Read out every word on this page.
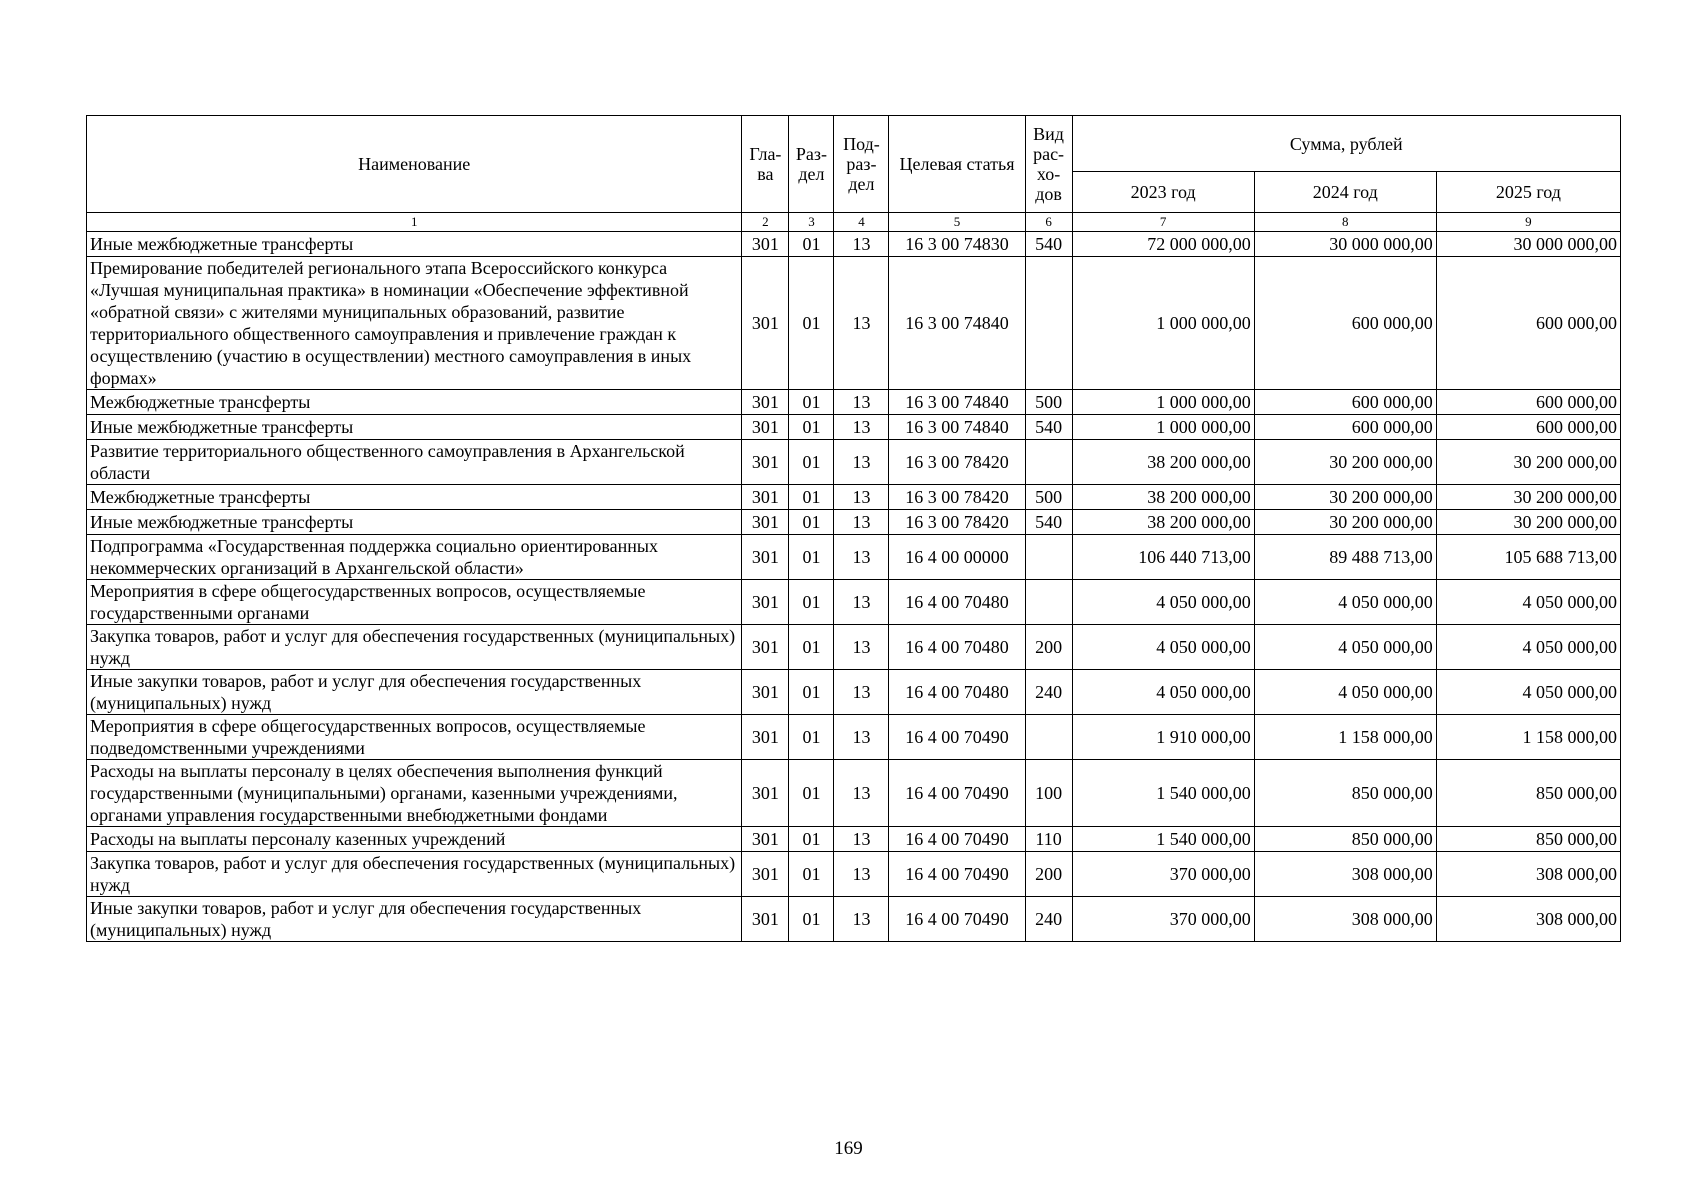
Наименование	Гла-ва	Раз-дел	Под-раз-дел	Целевая статья	Вид рас-хо-дов	Сумма, рублей		
						2023 год	2024 год	2025 год
1	2	3	4	5	6	7	8	9
Иные межбюджетные трансферты	301	01	13	16 3 00 74830	540	72 000 000,00	30 000 000,00	30 000 000,00
Премирование победителей регионального этапа Всероссийского конкурса «Лучшая муниципальная практика» в номинации «Обеспечение эффективной «обратной связи» с жителями муниципальных образований, развитие территориального общественного самоуправления и привлечение граждан к осуществлению (участию в осуществлении) местного самоуправления в иных формах»	301	01	13	16 3 00 74840		1 000 000,00	600 000,00	600 000,00
Межбюджетные трансферты	301	01	13	16 3 00 74840	500	1 000 000,00	600 000,00	600 000,00
Иные межбюджетные трансферты	301	01	13	16 3 00 74840	540	1 000 000,00	600 000,00	600 000,00
Развитие территориального общественного самоуправления в Архангельской области	301	01	13	16 3 00 78420		38 200 000,00	30 200 000,00	30 200 000,00
Межбюджетные трансферты	301	01	13	16 3 00 78420	500	38 200 000,00	30 200 000,00	30 200 000,00
Иные межбюджетные трансферты	301	01	13	16 3 00 78420	540	38 200 000,00	30 200 000,00	30 200 000,00
Подпрограмма «Государственная поддержка социально ориентированных некоммерческих организаций в Архангельской области»	301	01	13	16 4 00 00000		106 440 713,00	89 488 713,00	105 688 713,00
Мероприятия в сфере общегосударственных вопросов, осуществляемые государственными органами	301	01	13	16 4 00 70480		4 050 000,00	4 050 000,00	4 050 000,00
Закупка товаров, работ и услуг для обеспечения государственных (муниципальных) нужд	301	01	13	16 4 00 70480	200	4 050 000,00	4 050 000,00	4 050 000,00
Иные закупки товаров, работ и услуг для обеспечения государственных (муниципальных) нужд	301	01	13	16 4 00 70480	240	4 050 000,00	4 050 000,00	4 050 000,00
Мероприятия в сфере общегосударственных вопросов, осуществляемые подведомственными учреждениями	301	01	13	16 4 00 70490		1 910 000,00	1 158 000,00	1 158 000,00
Расходы на выплаты персоналу в целях обеспечения выполнения функций государственными (муниципальными) органами, казенными учреждениями, органами управления государственными внебюджетными фондами	301	01	13	16 4 00 70490	100	1 540 000,00	850 000,00	850 000,00
Расходы на выплаты персоналу казенных учреждений	301	01	13	16 4 00 70490	110	1 540 000,00	850 000,00	850 000,00
Закупка товаров, работ и услуг для обеспечения государственных (муниципальных) нужд	301	01	13	16 4 00 70490	200	370 000,00	308 000,00	308 000,00
Иные закупки товаров, работ и услуг для обеспечения государственных (муниципальных) нужд	301	01	13	16 4 00 70490	240	370 000,00	308 000,00	308 000,00
169
